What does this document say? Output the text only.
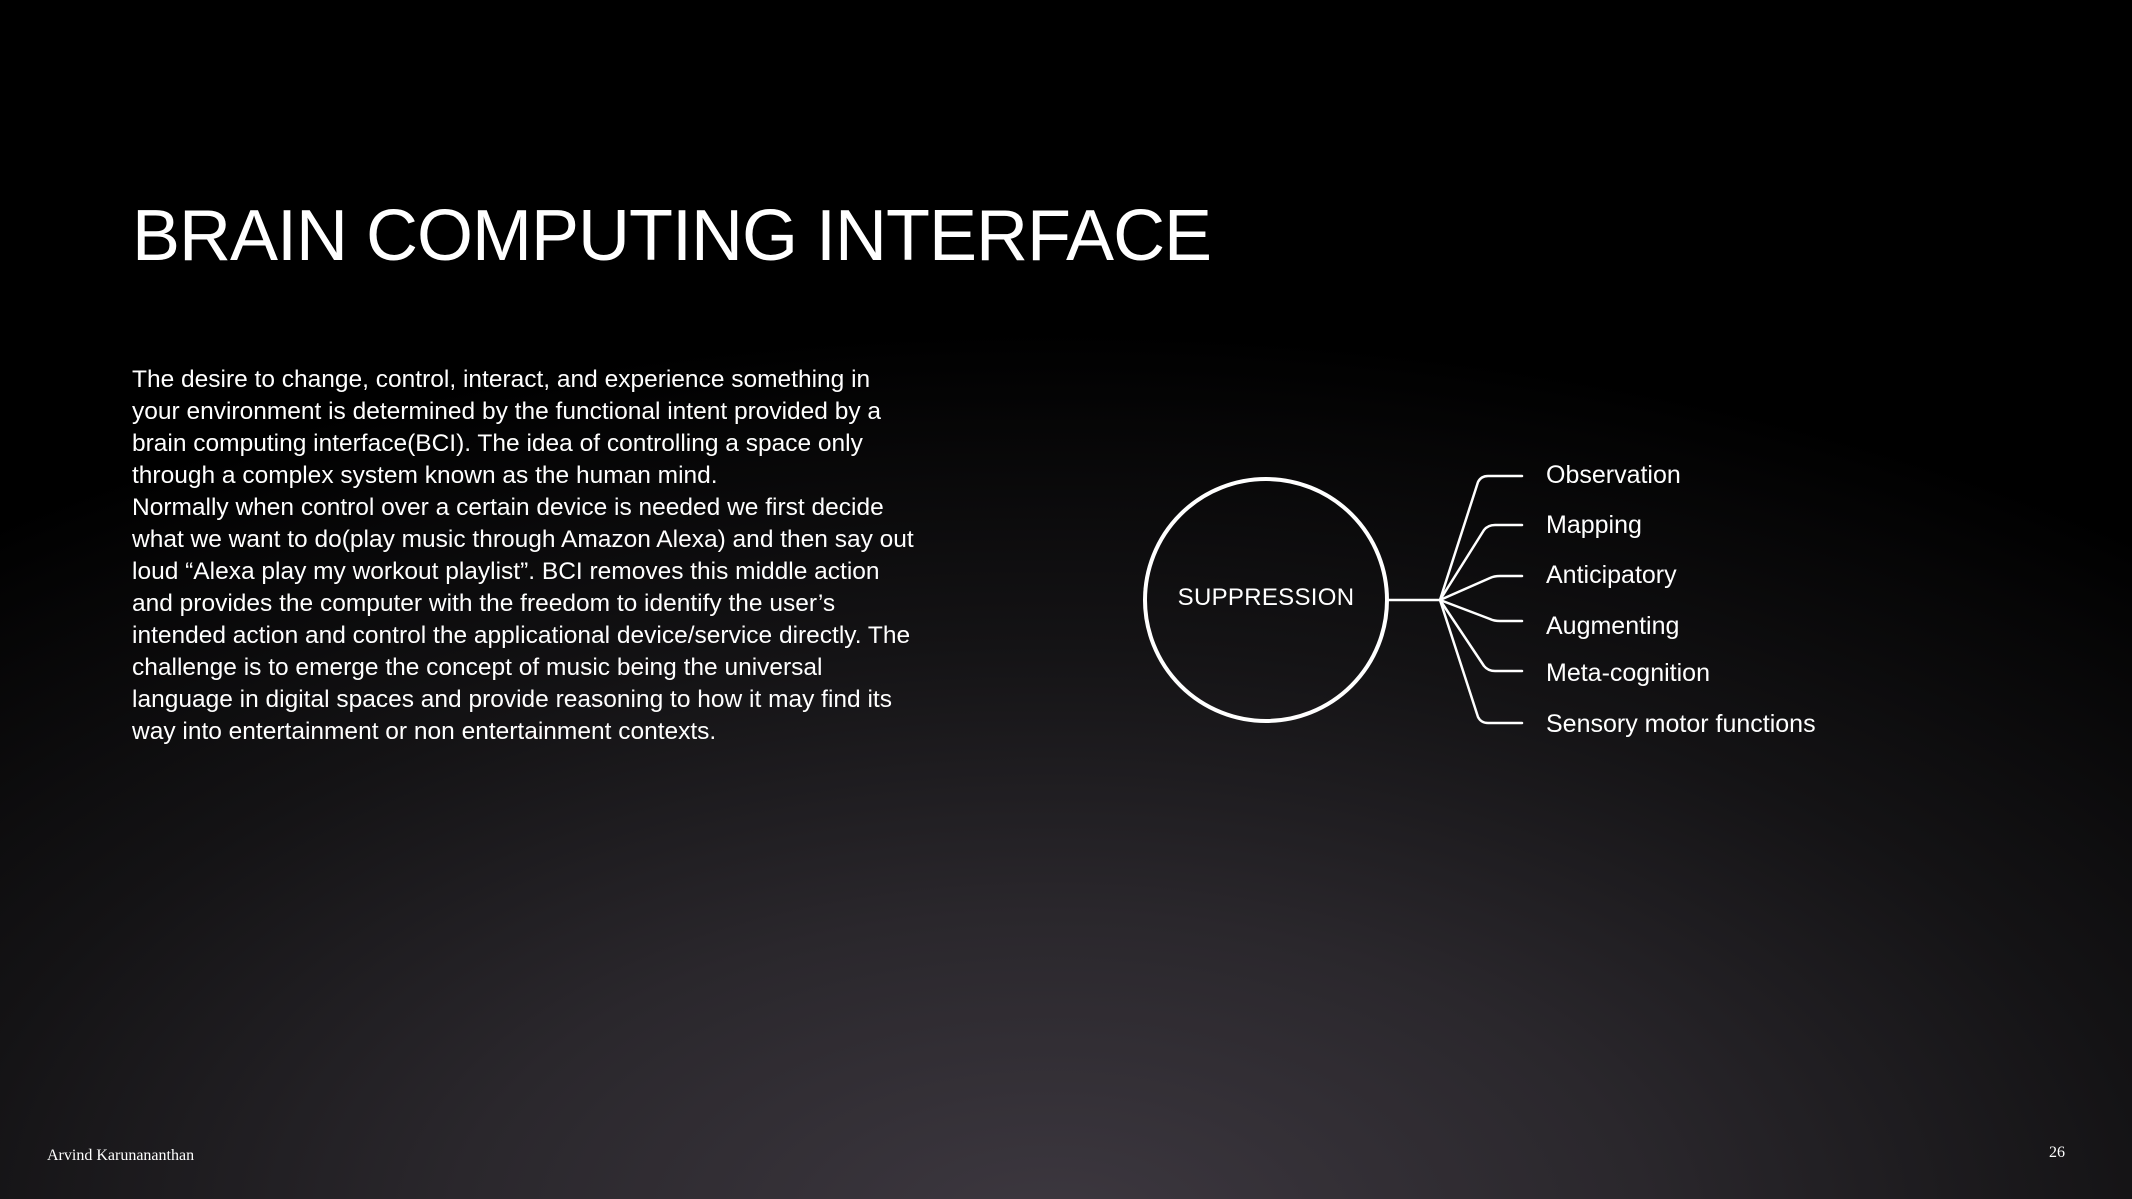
BRAIN COMPUTING INTERFACE

The desire to change, control, interact, and experience something in your environment is determined by the functional intent provided by a brain computing interface(BCI). The idea of controlling a space only through a complex system known as the human mind.

Normally when control over a certain device is needed we first decide what we want to do(play music through Amazon Alexa) and then say out loud “Alexa play my workout playlist”. BCI removes this middle action and provides the computer with the freedom to identify the user’s intended action and control the applicational device/service directly. The challenge is to emerge the concept of music being the universal language in digital spaces and provide reasoning to how it may find its way into entertainment or non entertainment contexts.

SUPPRESSION
Observation
Mapping
Anticipatory
Augmenting
Meta-cognition
Sensory motor functions
Arvind Karunananthan	26
